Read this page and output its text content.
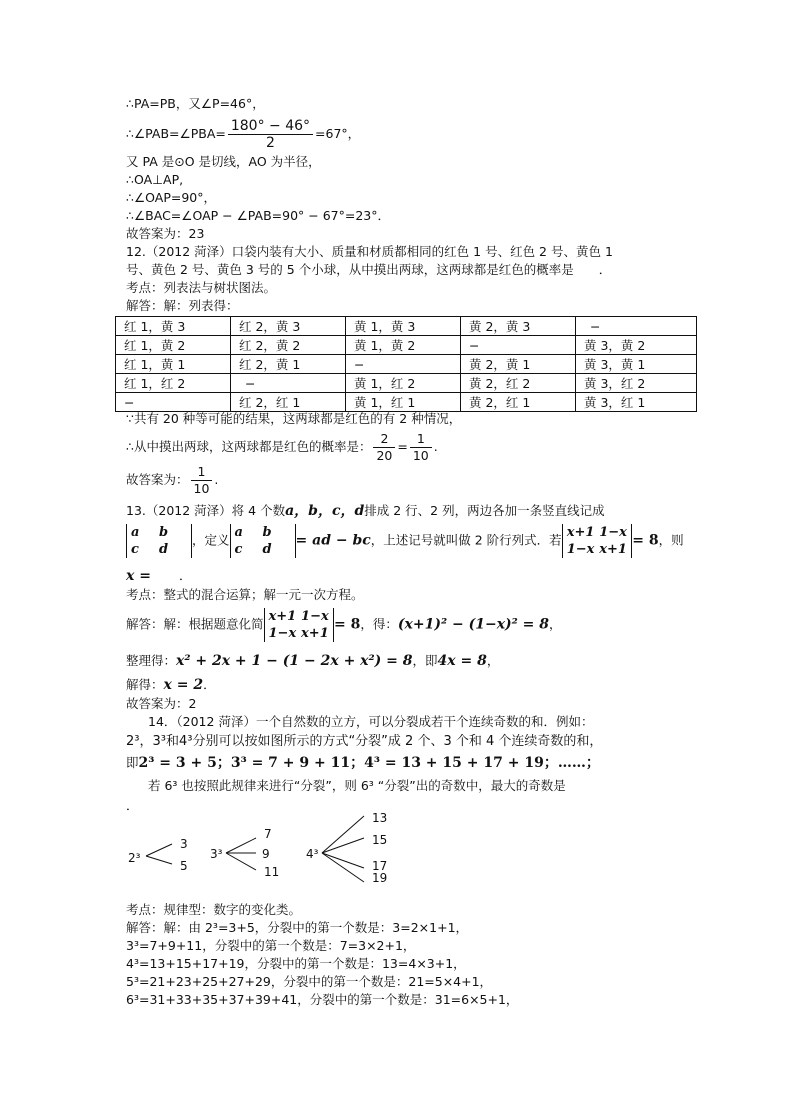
∴PA=PB，又∠P=46°，
∴∠PAB=∠PBA= $\frac{180^\circ - 46^\circ}{2} =67^\circ$，
又 PA 是⊙O 是切线，AO 为半径，
∴OA⊥AP,
∴∠OAP=90°，
∴∠BAC=∠OAP − ∠PAB=90° − 67°=23°．
故答案为：23
12.（2012 菏泽）口袋内装有大小、质量和材质都相同的红色 1 号、红色 2 号、黄色 1
号、黄色 2 号、黄色 3 号的 5 个小球，从中摸出两球，这两球都是红色的概率是　　．
考点：列表法与树状图法。
解答：解：列表得：
红 1，黄 3	红 2，黄 3	黄 1，黄 3	黄 2，黄 3	−
红 1，黄 2	红 2，黄 2	黄 1，黄 2	−	黄 3，黄 2
红 1，黄 1	红 2，黄 1	−	黄 2，黄 1	黄 3，黄 1
红 1，红 2	−	黄 1，红 2	黄 2，红 2	黄 3，红 2
−	红 2，红 1	黄 1，红 1	黄 2，红 1	黄 3，红 1
∵共有 20 种等可能的结果，这两球都是红色的有 2 种情况，
∴从中摸出两球，这两球都是红色的概率是： $\frac{2}{20} = \frac{1}{10}$ .
故答案为： $\frac{1}{10}$ .
13.（2012 菏泽）将 4 个数a，b，c，d排成 2 行、2 列，两边各加一条竖直线记成
a b
c d，定义 a b
c d= ad − bc，上述记号就叫做 2 阶行列式．若 x+1 1−x
1−x x+1= 8，则
x = ．
考点：整式的混合运算；解一元一次方程。
解答：解：根据题意化简 x+1 1−x
1−x x+1= 8，得：(x+1)² − (1−x)² = 8，
整理得：x² + 2x + 1 − (1 − 2x + x²) = 8，即4x = 8，
解得：x = 2．
故答案为：2
14．（2012 菏泽）一个自然数的立方，可以分裂成若干个连续奇数的和．例如：
2³，3³和4³分别可以按如图所示的方式“分裂”成 2 个、3 个和 4 个连续奇数的和，
即2³ = 3 + 5；3³ = 7 + 9 + 11；4³ = 13 + 15 + 17 + 19；……；
若 6³ 也按照此规律来进行“分裂”，则 6³ “分裂”出的奇数中，最大的奇数是
．
2³
3
5
3³
7
9
11
4³
13
15
17
19
考点：规律型：数字的变化类。
解答：解：由 2³=3+5，分裂中的第一个数是：3=2×1+1，
3³=7+9+11，分裂中的第一个数是：7=3×2+1，
4³=13+15+17+19，分裂中的第一个数是：13=4×3+1，
5³=21+23+25+27+29，分裂中的第一个数是：21=5×4+1，
6³=31+33+35+37+39+41，分裂中的第一个数是：31=6×5+1，
